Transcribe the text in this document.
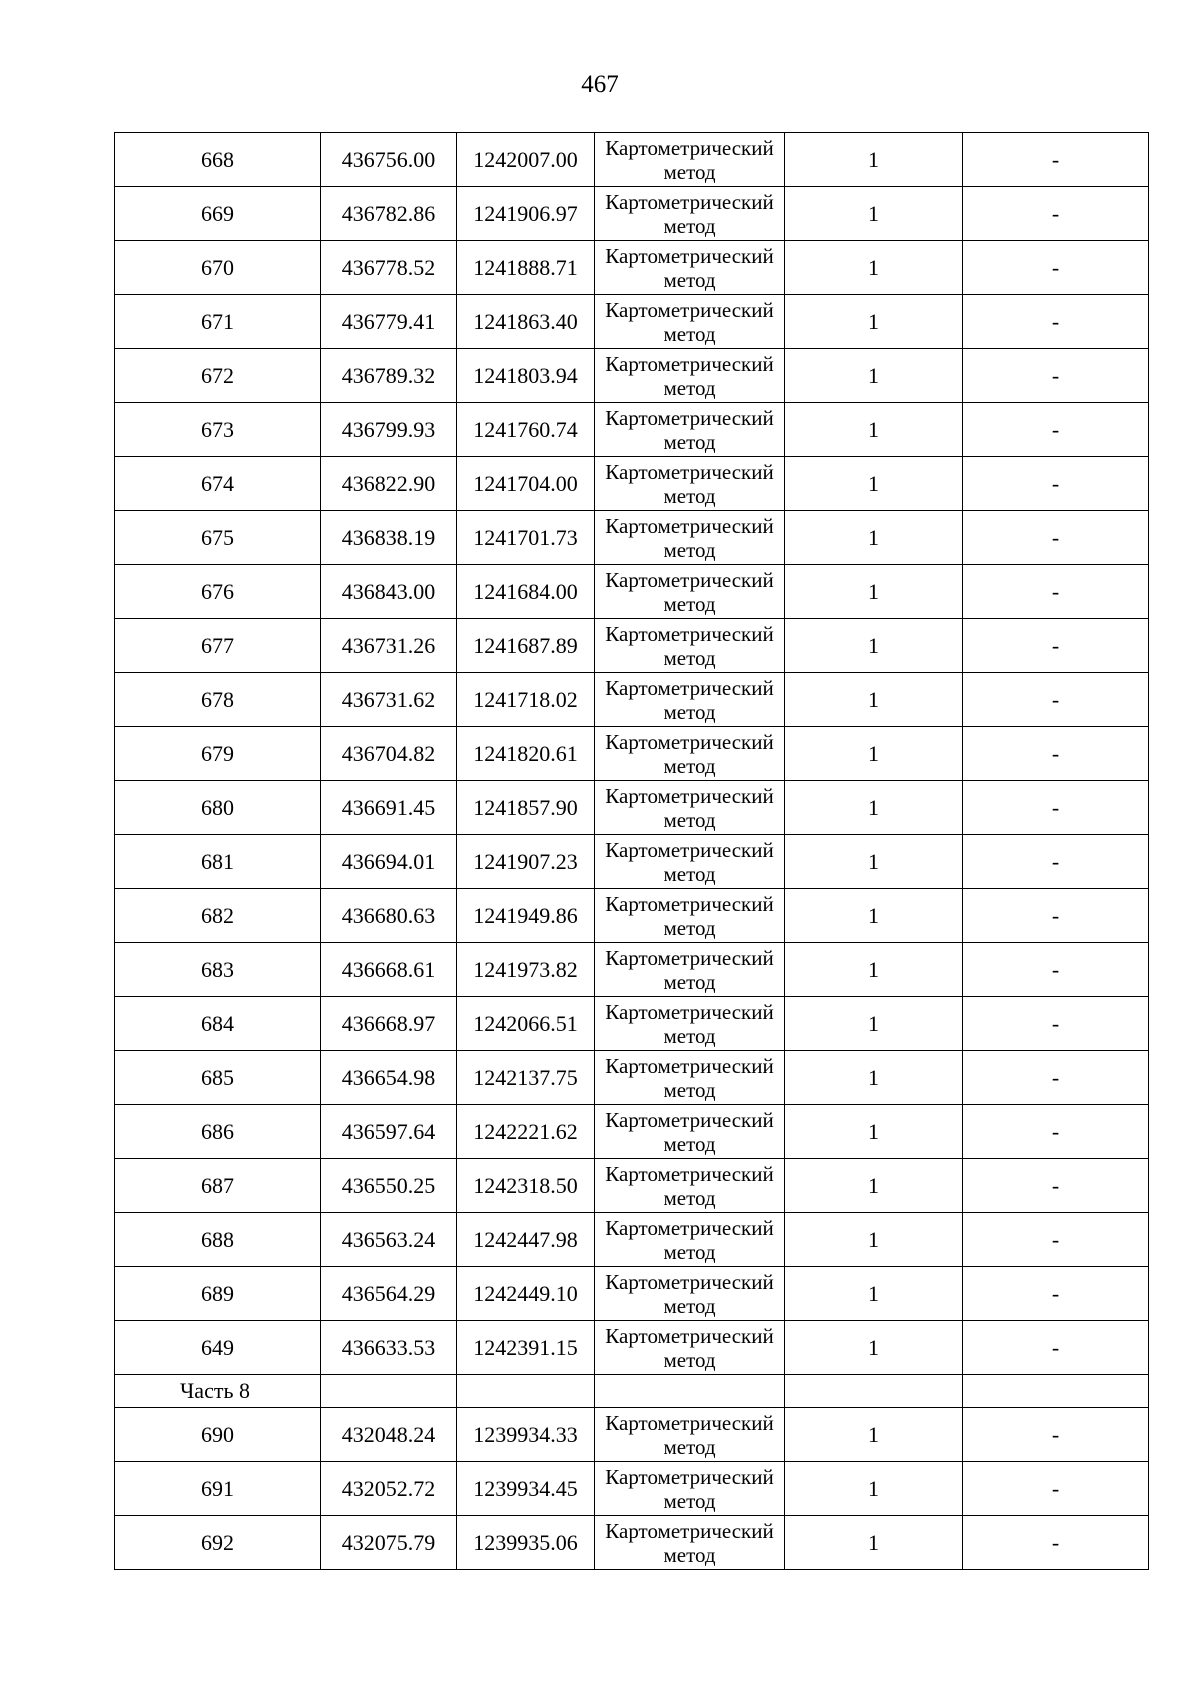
467
668	436756.00	1242007.00	Картометрический метод	1	-
669	436782.86	1241906.97	Картометрический метод	1	-
670	436778.52	1241888.71	Картометрический метод	1	-
671	436779.41	1241863.40	Картометрический метод	1	-
672	436789.32	1241803.94	Картометрический метод	1	-
673	436799.93	1241760.74	Картометрический метод	1	-
674	436822.90	1241704.00	Картометрический метод	1	-
675	436838.19	1241701.73	Картометрический метод	1	-
676	436843.00	1241684.00	Картометрический метод	1	-
677	436731.26	1241687.89	Картометрический метод	1	-
678	436731.62	1241718.02	Картометрический метод	1	-
679	436704.82	1241820.61	Картометрический метод	1	-
680	436691.45	1241857.90	Картометрический метод	1	-
681	436694.01	1241907.23	Картометрический метод	1	-
682	436680.63	1241949.86	Картометрический метод	1	-
683	436668.61	1241973.82	Картометрический метод	1	-
684	436668.97	1242066.51	Картометрический метод	1	-
685	436654.98	1242137.75	Картометрический метод	1	-
686	436597.64	1242221.62	Картометрический метод	1	-
687	436550.25	1242318.50	Картометрический метод	1	-
688	436563.24	1242447.98	Картометрический метод	1	-
689	436564.29	1242449.10	Картометрический метод	1	-
649	436633.53	1242391.15	Картометрический метод	1	-
Часть 8					
690	432048.24	1239934.33	Картометрический метод	1	-
691	432052.72	1239934.45	Картометрический метод	1	-
692	432075.79	1239935.06	Картометрический метод	1	-
